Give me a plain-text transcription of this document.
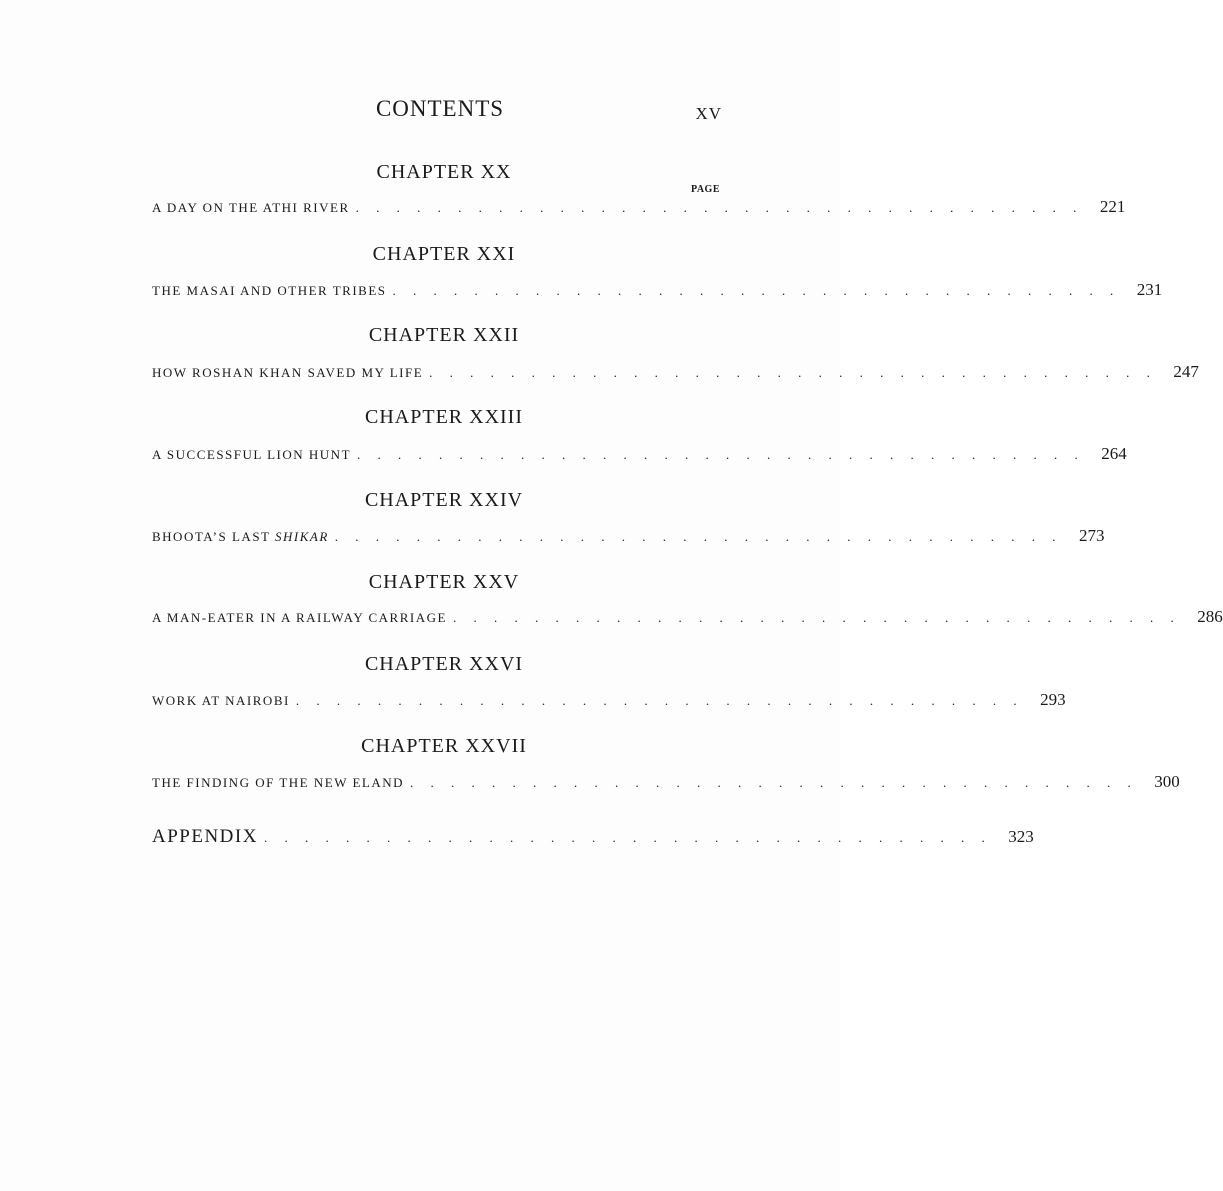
CONTENTS	XV
CHAPTER XX
PAGE
A DAY ON THE ATHI RIVER . . . . . . . . . . . . . . . . . . . . . . . . . . . . . . . . . . . . 221
CHAPTER XXI
THE MASAI AND OTHER TRIBES . . . . . . . . . . . . . . . . . . . . . . . . . . . . . . . . . . . . 231
CHAPTER XXII
HOW ROSHAN KHAN SAVED MY LIFE . . . . . . . . . . . . . . . . . . . . . . . . . . . . . . . . . . . . 247
CHAPTER XXIII
A SUCCESSFUL LION HUNT . . . . . . . . . . . . . . . . . . . . . . . . . . . . . . . . . . . . 264
CHAPTER XXIV
BHOOTA’S LAST SHIKAR . . . . . . . . . . . . . . . . . . . . . . . . . . . . . . . . . . . . 273
CHAPTER XXV
A MAN-EATER IN A RAILWAY CARRIAGE . . . . . . . . . . . . . . . . . . . . . . . . . . . . . . . . . . . . 286
CHAPTER XXVI
WORK AT NAIROBI . . . . . . . . . . . . . . . . . . . . . . . . . . . . . . . . . . . . 293
CHAPTER XXVII
THE FINDING OF THE NEW ELAND . . . . . . . . . . . . . . . . . . . . . . . . . . . . . . . . . . . . 300
APPENDIX . . . . . . . . . . . . . . . . . . . . . . . . . . . . . . . . . . . . 323
